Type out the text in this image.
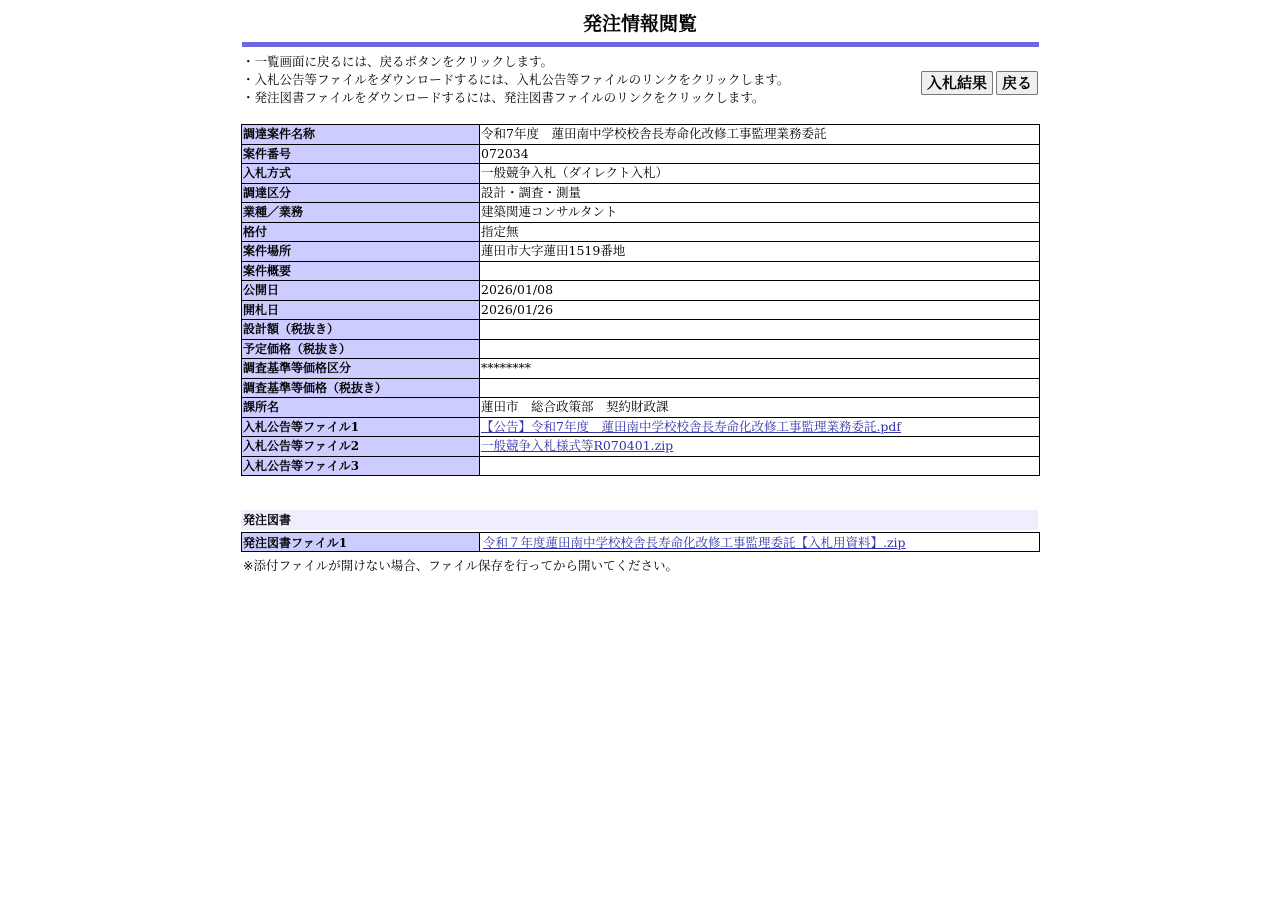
発注情報閲覧
・一覧画面に戻るには、戻るボタンをクリックします。
・入札公告等ファイルをダウンロードするには、入札公告等ファイルのリンクをクリックします。
・発注図書ファイルをダウンロードするには、発注図書ファイルのリンクをクリックします。
入札結果	戻る
調達案件名称	令和7年度　蓮田南中学校校舎長寿命化改修工事監理業務委託
案件番号	072034
入札方式	一般競争入札（ダイレクト入札）
調達区分	設計・調査・測量
業種／業務	建築関連コンサルタント
格付	指定無
案件場所	蓮田市大字蓮田1519番地
案件概要	
公開日	2026/01/08
開札日	2026/01/26
設計額（税抜き）	
予定価格（税抜き）	
調査基準等価格区分	********
調査基準等価格（税抜き）	
課所名	蓮田市　総合政策部　契約財政課
入札公告等ファイル1	【公告】令和7年度　蓮田南中学校校舎長寿命化改修工事監理業務委託.pdf
入札公告等ファイル2	一般競争入札様式等R070401.zip
入札公告等ファイル3	
発注図書
発注図書ファイル1	令和７年度蓮田南中学校校舎長寿命化改修工事監理委託【入札用資料】.zip
※添付ファイルが開けない場合、ファイル保存を行ってから開いてください。
